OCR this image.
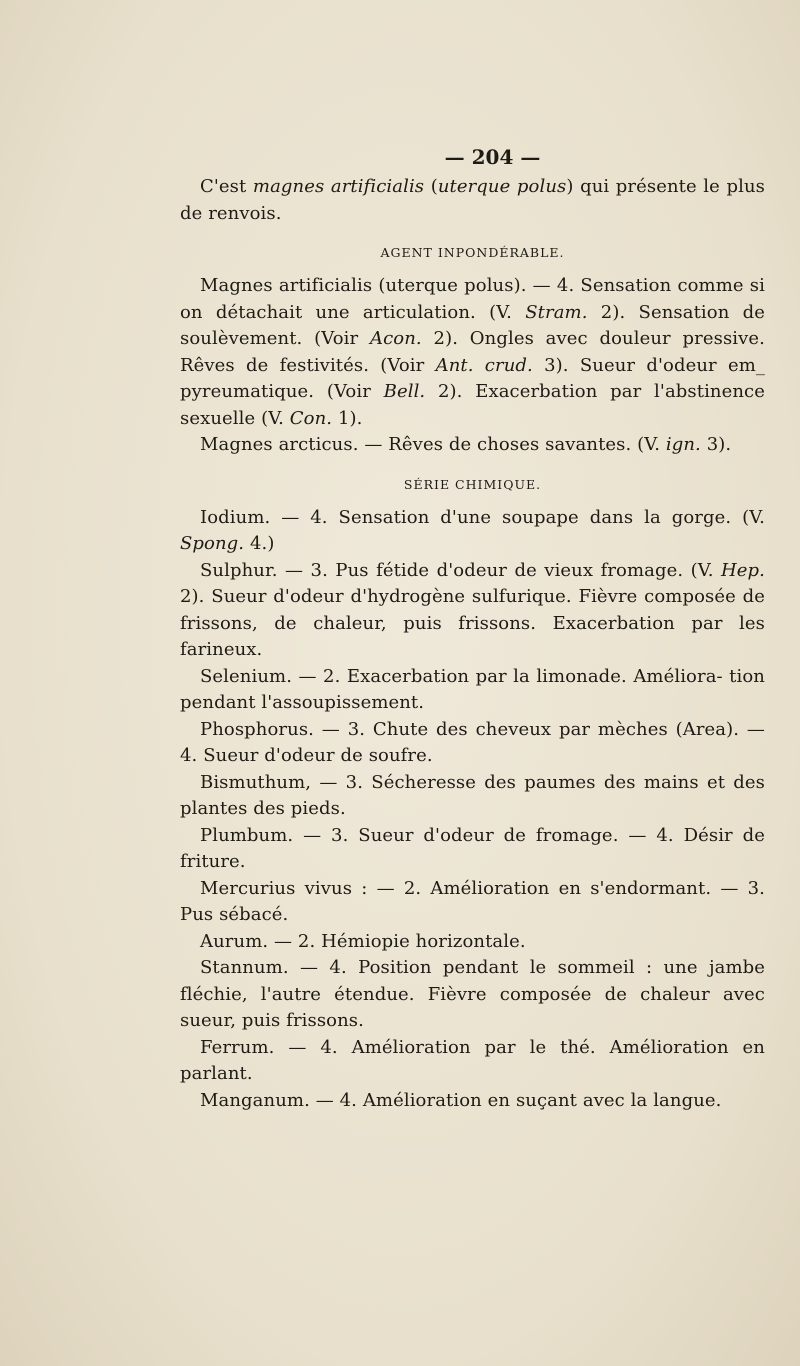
— 204 —

C'est magnes artificialis (uterque polus) qui présente le plus de renvois.

AGENT INPONDÉRABLE.

Magnes artificialis (uterque polus). — 4. Sensation comme si on détachait une articulation. (V. Stram. 2). Sensation de soulèvement. (Voir Acon. 2). Ongles avec douleur pressive. Rêves de festivités. (Voir Ant. crud. 3). Sueur d'odeur em_ pyreumatique. (Voir Bell. 2). Exacerbation par l'abstinence sexuelle (V. Con. 1).

Magnes arcticus. — Rêves de choses savantes. (V. ign. 3).

SÉRIE CHIMIQUE.

Iodium. — 4. Sensation d'une soupape dans la gorge. (V. Spong. 4.)

Sulphur. — 3. Pus fétide d'odeur de vieux fromage. (V. Hep. 2). Sueur d'odeur d'hydrogène sulfurique. Fièvre composée de frissons, de chaleur, puis frissons. Exacerbation par les farineux.

Selenium. — 2. Exacerbation par la limonade. Améliora- tion pendant l'assoupissement.

Phosphorus. — 3. Chute des cheveux par mèches (Area). — 4. Sueur d'odeur de soufre.

Bismuthum, — 3. Sécheresse des paumes des mains et des plantes des pieds.

Plumbum. — 3. Sueur d'odeur de fromage. — 4. Désir de friture.

Mercurius vivus : — 2. Amélioration en s'endormant. — 3. Pus sébacé.

Aurum. — 2. Hémiopie horizontale.

Stannum. — 4. Position pendant le sommeil : une jambe fléchie, l'autre étendue. Fièvre composée de chaleur avec sueur, puis frissons.

Ferrum. — 4. Amélioration par le thé. Amélioration en parlant.

Manganum. — 4. Amélioration en suçant avec la langue.
